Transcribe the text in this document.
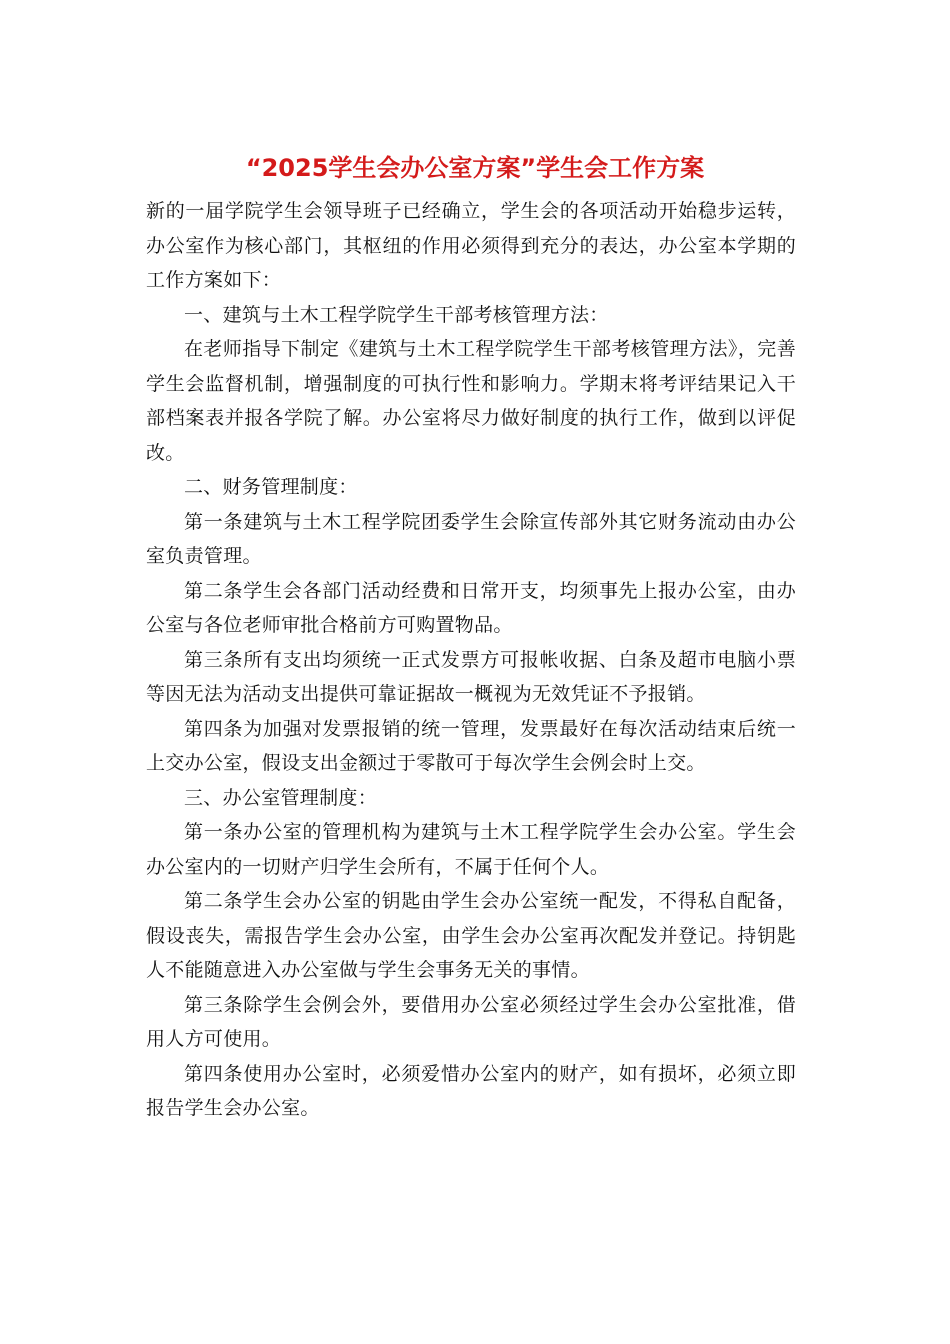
“2025学生会办公室方案”学生会工作方案

新的一届学院学生会领导班子已经确立，学生会的各项活动开始稳步运转，办公室作为核心部门，其枢纽的作用必须得到充分的表达，办公室本学期的工作方案如下：

一、建筑与土木工程学院学生干部考核管理方法：

在老师指导下制定《建筑与土木工程学院学生干部考核管理方法》，完善学生会监督机制，增强制度的可执行性和影响力。学期末将考评结果记入干部档案表并报各学院了解。办公室将尽力做好制度的执行工作，做到以评促改。

二、财务管理制度：

第一条建筑与土木工程学院团委学生会除宣传部外其它财务流动由办公室负责管理。

第二条学生会各部门活动经费和日常开支，均须事先上报办公室，由办公室与各位老师审批合格前方可购置物品。

第三条所有支出均须统一正式发票方可报帐收据、白条及超市电脑小票等因无法为活动支出提供可靠证据故一概视为无效凭证不予报销。

第四条为加强对发票报销的统一管理，发票最好在每次活动结束后统一上交办公室，假设支出金额过于零散可于每次学生会例会时上交。

三、办公室管理制度：

第一条办公室的管理机构为建筑与土木工程学院学生会办公室。学生会办公室内的一切财产归学生会所有，不属于任何个人。

第二条学生会办公室的钥匙由学生会办公室统一配发，不得私自配备，假设丧失，需报告学生会办公室，由学生会办公室再次配发并登记。持钥匙人不能随意进入办公室做与学生会事务无关的事情。

第三条除学生会例会外，要借用办公室必须经过学生会办公室批准，借用人方可使用。

第四条使用办公室时，必须爱惜办公室内的财产，如有损坏，必须立即报告学生会办公室。
